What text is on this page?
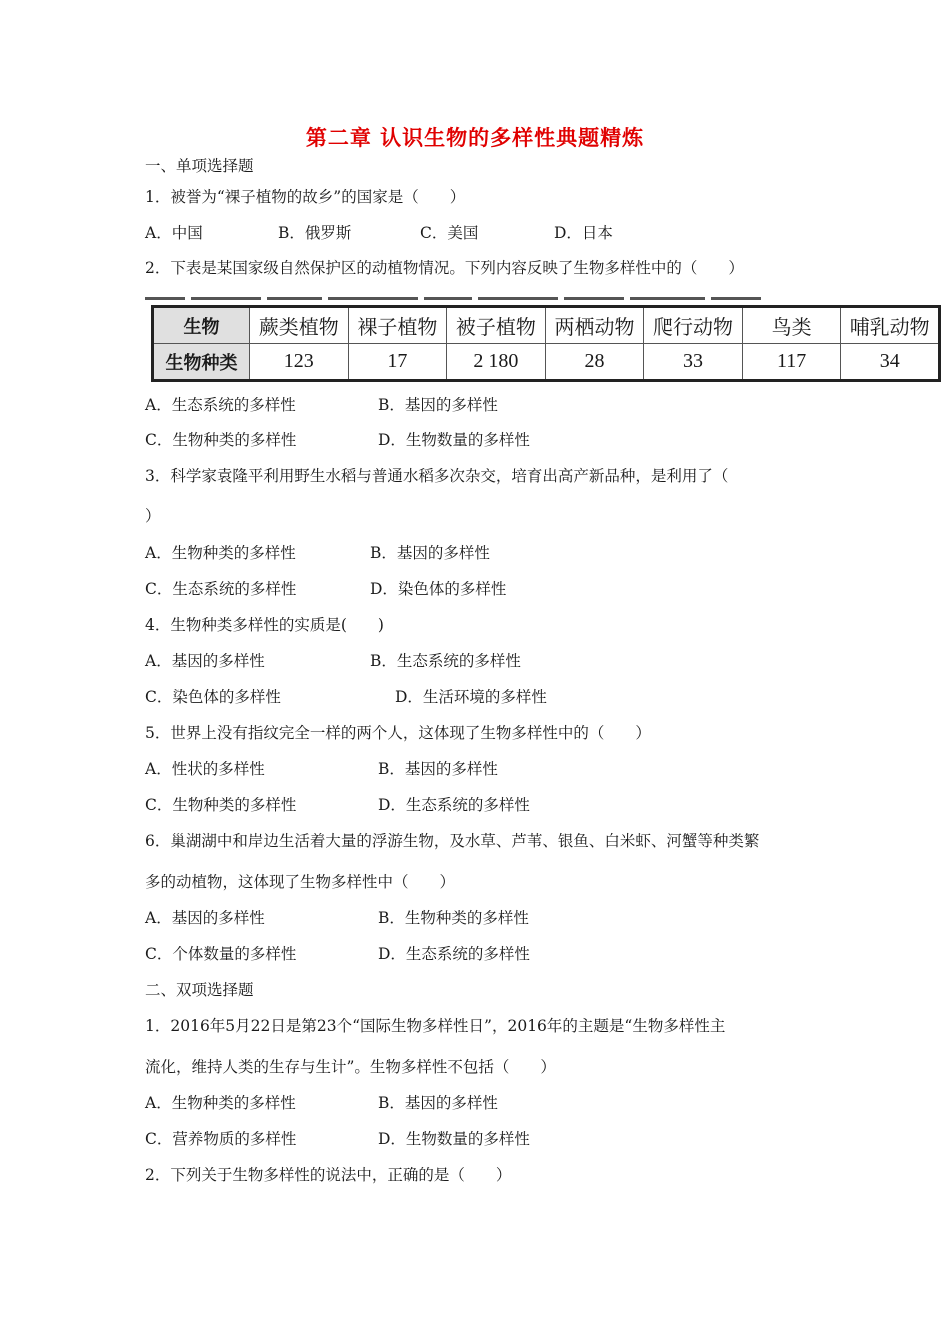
第二章 认识生物的多样性典题精炼
一、单项选择题
1．被誉为“裸子植物的故乡”的国家是（　　）
A．中国	B．俄罗斯	C．美国	D．日本
2．下表是某国家级自然保护区的动植物情况。下列内容反映了生物多样性中的（　　）
生物	蕨类植物	裸子植物	被子植物	两栖动物	爬行动物	鸟类	哺乳动物
生物种类	123	17	2 180	28	33	117	34
A．生态系统的多样性	B．基因的多样性
C．生物种类的多样性	D．生物数量的多样性
3．科学家袁隆平利用野生水稻与普通水稻多次杂交，培育出高产新品种，是利用了（
）
A．生物种类的多样性	B．基因的多样性
C．生态系统的多样性	D．染色体的多样性
4．生物种类多样性的实质是(　　)
A．基因的多样性	B．生态系统的多样性
C．染色体的多样性	D．生活环境的多样性
5．世界上没有指纹完全一样的两个人，这体现了生物多样性中的（　　）
A．性状的多样性	B．基因的多样性
C．生物种类的多样性	D．生态系统的多样性
6．巢湖湖中和岸边生活着大量的浮游生物，及水草、芦苇、银鱼、白米虾、河蟹等种类繁
多的动植物，这体现了生物多样性中（　　）
A．基因的多样性	B．生物种类的多样性
C．个体数量的多样性	D．生态系统的多样性
二、双项选择题
1．2016年5月22日是第23个“国际生物多样性日”，2016年的主题是“生物多样性主
流化，维持人类的生存与生计”。生物多样性不包括（　　）
A．生物种类的多样性	B．基因的多样性
C．营养物质的多样性	D．生物数量的多样性
2．下列关于生物多样性的说法中，正确的是（　　）
